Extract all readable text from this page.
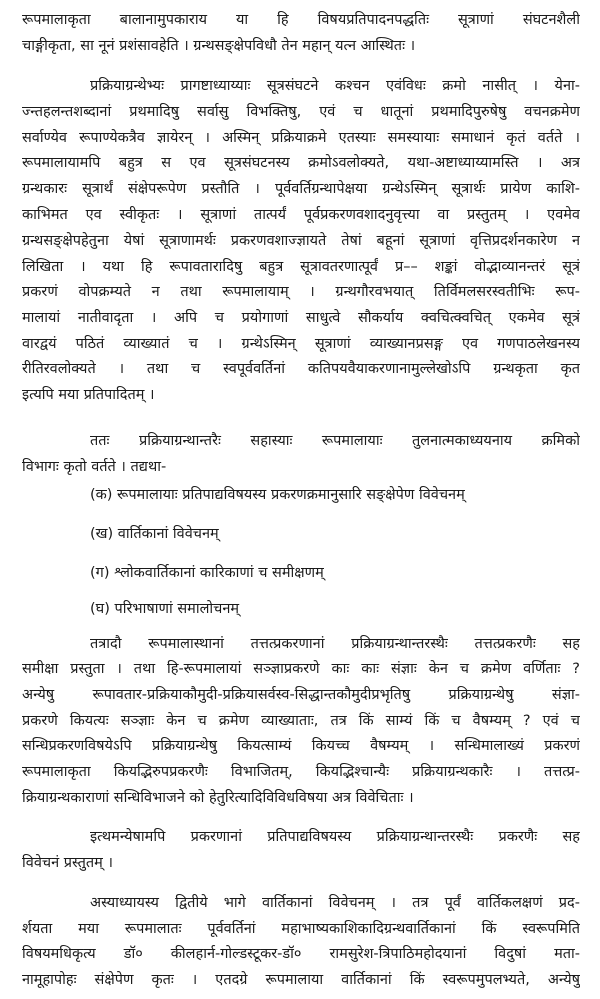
रूपमालाकृता बालानामुपकाराय या हि विषयप्रतिपादनपद्धतिः सूत्राणां संघटनशैली
चाङ्गीकृता, सा नूनं प्रशंसावहेति । ग्रन्थसङ्क्षेपविधौ तेन महान् यत्न आस्थितः ।
प्रक्रियाग्रन्थेभ्यः प्रागष्टाध्याय्याः सूत्रसंघटने कश्चन एवंविधः क्रमो नासीत् । येना-
ज्न्तहलन्तशब्दानां प्रथमादिषु सर्वासु विभक्तिषु, एवं च धातूनां प्रथमादिपुरुषेषु वचनक्रमेण
सर्वाण्येव रूपाण्येकत्रैव ज्ञायेरन् । अस्मिन् प्रक्रियाक्रमे एतस्याः समस्यायाः समाधानं कृतं वर्तते ।
रूपमालायामपि बहुत्र स एव सूत्रसंघटनस्य क्रमोऽवलोक्यते, यथा-अष्टाध्याय्यामस्ति । अत्र
ग्रन्थकारः सूत्रार्थं संक्षेपरूपेण प्रस्तौति । पूर्ववर्तिग्रन्थापेक्षया ग्रन्थेऽस्मिन् सूत्रार्थः प्रायेण काशि-
काभिमत एव स्वीकृतः । सूत्राणां तात्पर्यं पूर्वप्रकरणवशादनुवृत्त्या वा प्रस्तुतम् । एवमेव
ग्रन्थसङ्क्षेपहेतुना येषां सूत्राणामर्थः प्रकरणवशाज्ज्ञायते तेषां बहूनां सूत्राणां वृत्तिप्रदर्शनकारेण न
लिखिता । यथा हि रूपावतारादिषु बहुत्र सूत्रावतरणात्पूर्वं प्र–– शङ्कां वोद्भाव्यानन्तरं सूत्रं
प्रकरणं वोपक्रम्यते न तथा रूपमालायाम् । ग्रन्थगौरवभयात् तिर्विमलसरस्वतीभिः रूप-
मालायां नातीवादृता । अपि च प्रयोगाणां साधुत्वे सौकर्याय क्वचित्क्वचित् एकमेव सूत्रं
वारद्वयं पठितं व्याख्यातं च । ग्रन्थेऽस्मिन् सूत्राणां व्याख्यानप्रसङ्ग एव गणपाठलेखनस्य
रीतिरवलोक्यते । तथा च स्वपूर्ववर्तिनां कतिपयवैयाकरणानामुल्लेखोऽपि ग्रन्थकृता कृत
इत्यपि मया प्रतिपादितम् ।
ततः प्रक्रियाग्रन्थान्तरैः सहास्याः रूपमालायाः तुलनात्मकाध्ययनाय क्रमिको
विभागः कृतो वर्तते । तद्यथा-
(क) रूपमालायाः प्रतिपाद्यविषयस्य प्रकरणक्रमानुसारि सङ्क्षेपेण विवेचनम्
(ख) वार्तिकानां विवेचनम्
(ग) श्लोकवार्तिकानां कारिकाणां च समीक्षणम्
(घ) परिभाषाणां समालोचनम्
तत्रादौ रूपमालास्थानां तत्तत्प्रकरणानां प्रक्रियाग्रन्थान्तरस्थैः तत्तत्प्रकरणैः सह
समीक्षा प्रस्तुता । तथा हि-रूपमालायां सञ्ज्ञाप्रकरणे काः काः संज्ञाः केन च क्रमेण वर्णिताः ?
अन्येषु रूपावतार-प्रक्रियाकौमुदी-प्रक्रियासर्वस्व-सिद्धान्तकौमुदीप्रभृतिषु प्रक्रियाग्रन्थेषु संज्ञा-
प्रकरणे कियत्यः सञ्ज्ञाः केन च क्रमेण व्याख्याताः, तत्र किं साम्यं किं च वैषम्यम् ? एवं च
सन्धिप्रकरणविषयेऽपि प्रक्रियाग्रन्थेषु कियत्साम्यं कियच्च वैषम्यम् । सन्धिमालाख्यं प्रकरणं
रूपमालाकृता कियद्भिरुपप्रकरणैः विभाजितम्, कियद्भिश्चान्यैः प्रक्रियाग्रन्थकारैः । तत्तत्प्र-
क्रियाग्रन्थकाराणां सन्धिविभाजने को हेतुरित्यादिविविधविषया अत्र विवेचिताः ।
इत्थमन्येषामपि प्रकरणानां प्रतिपाद्यविषयस्य प्रक्रियाग्रन्थान्तरस्थैः प्रकरणैः सह
विवेचनं प्रस्तुतम् ।
अस्याध्यायस्य द्वितीये भागे वार्तिकानां विवेचनम् । तत्र पूर्वं वार्तिकलक्षणं प्रद-
र्शयता मया रूपमालातः पूर्ववर्तिनां महाभाष्यकाशिकादिग्रन्थवार्तिकानां किं स्वरूपमिति
विषयमधिकृत्य डॉ० कीलहार्न-गोल्डस्टूकर-डॉ० रामसुरेश-त्रिपाठिमहोदयानां विदुषां मता-
नामूहापोहः संक्षेपेण कृतः । एतदग्रे रूपमालाया वार्तिकानां किं स्वरूपमुपलभ्यते, अन्येषु
